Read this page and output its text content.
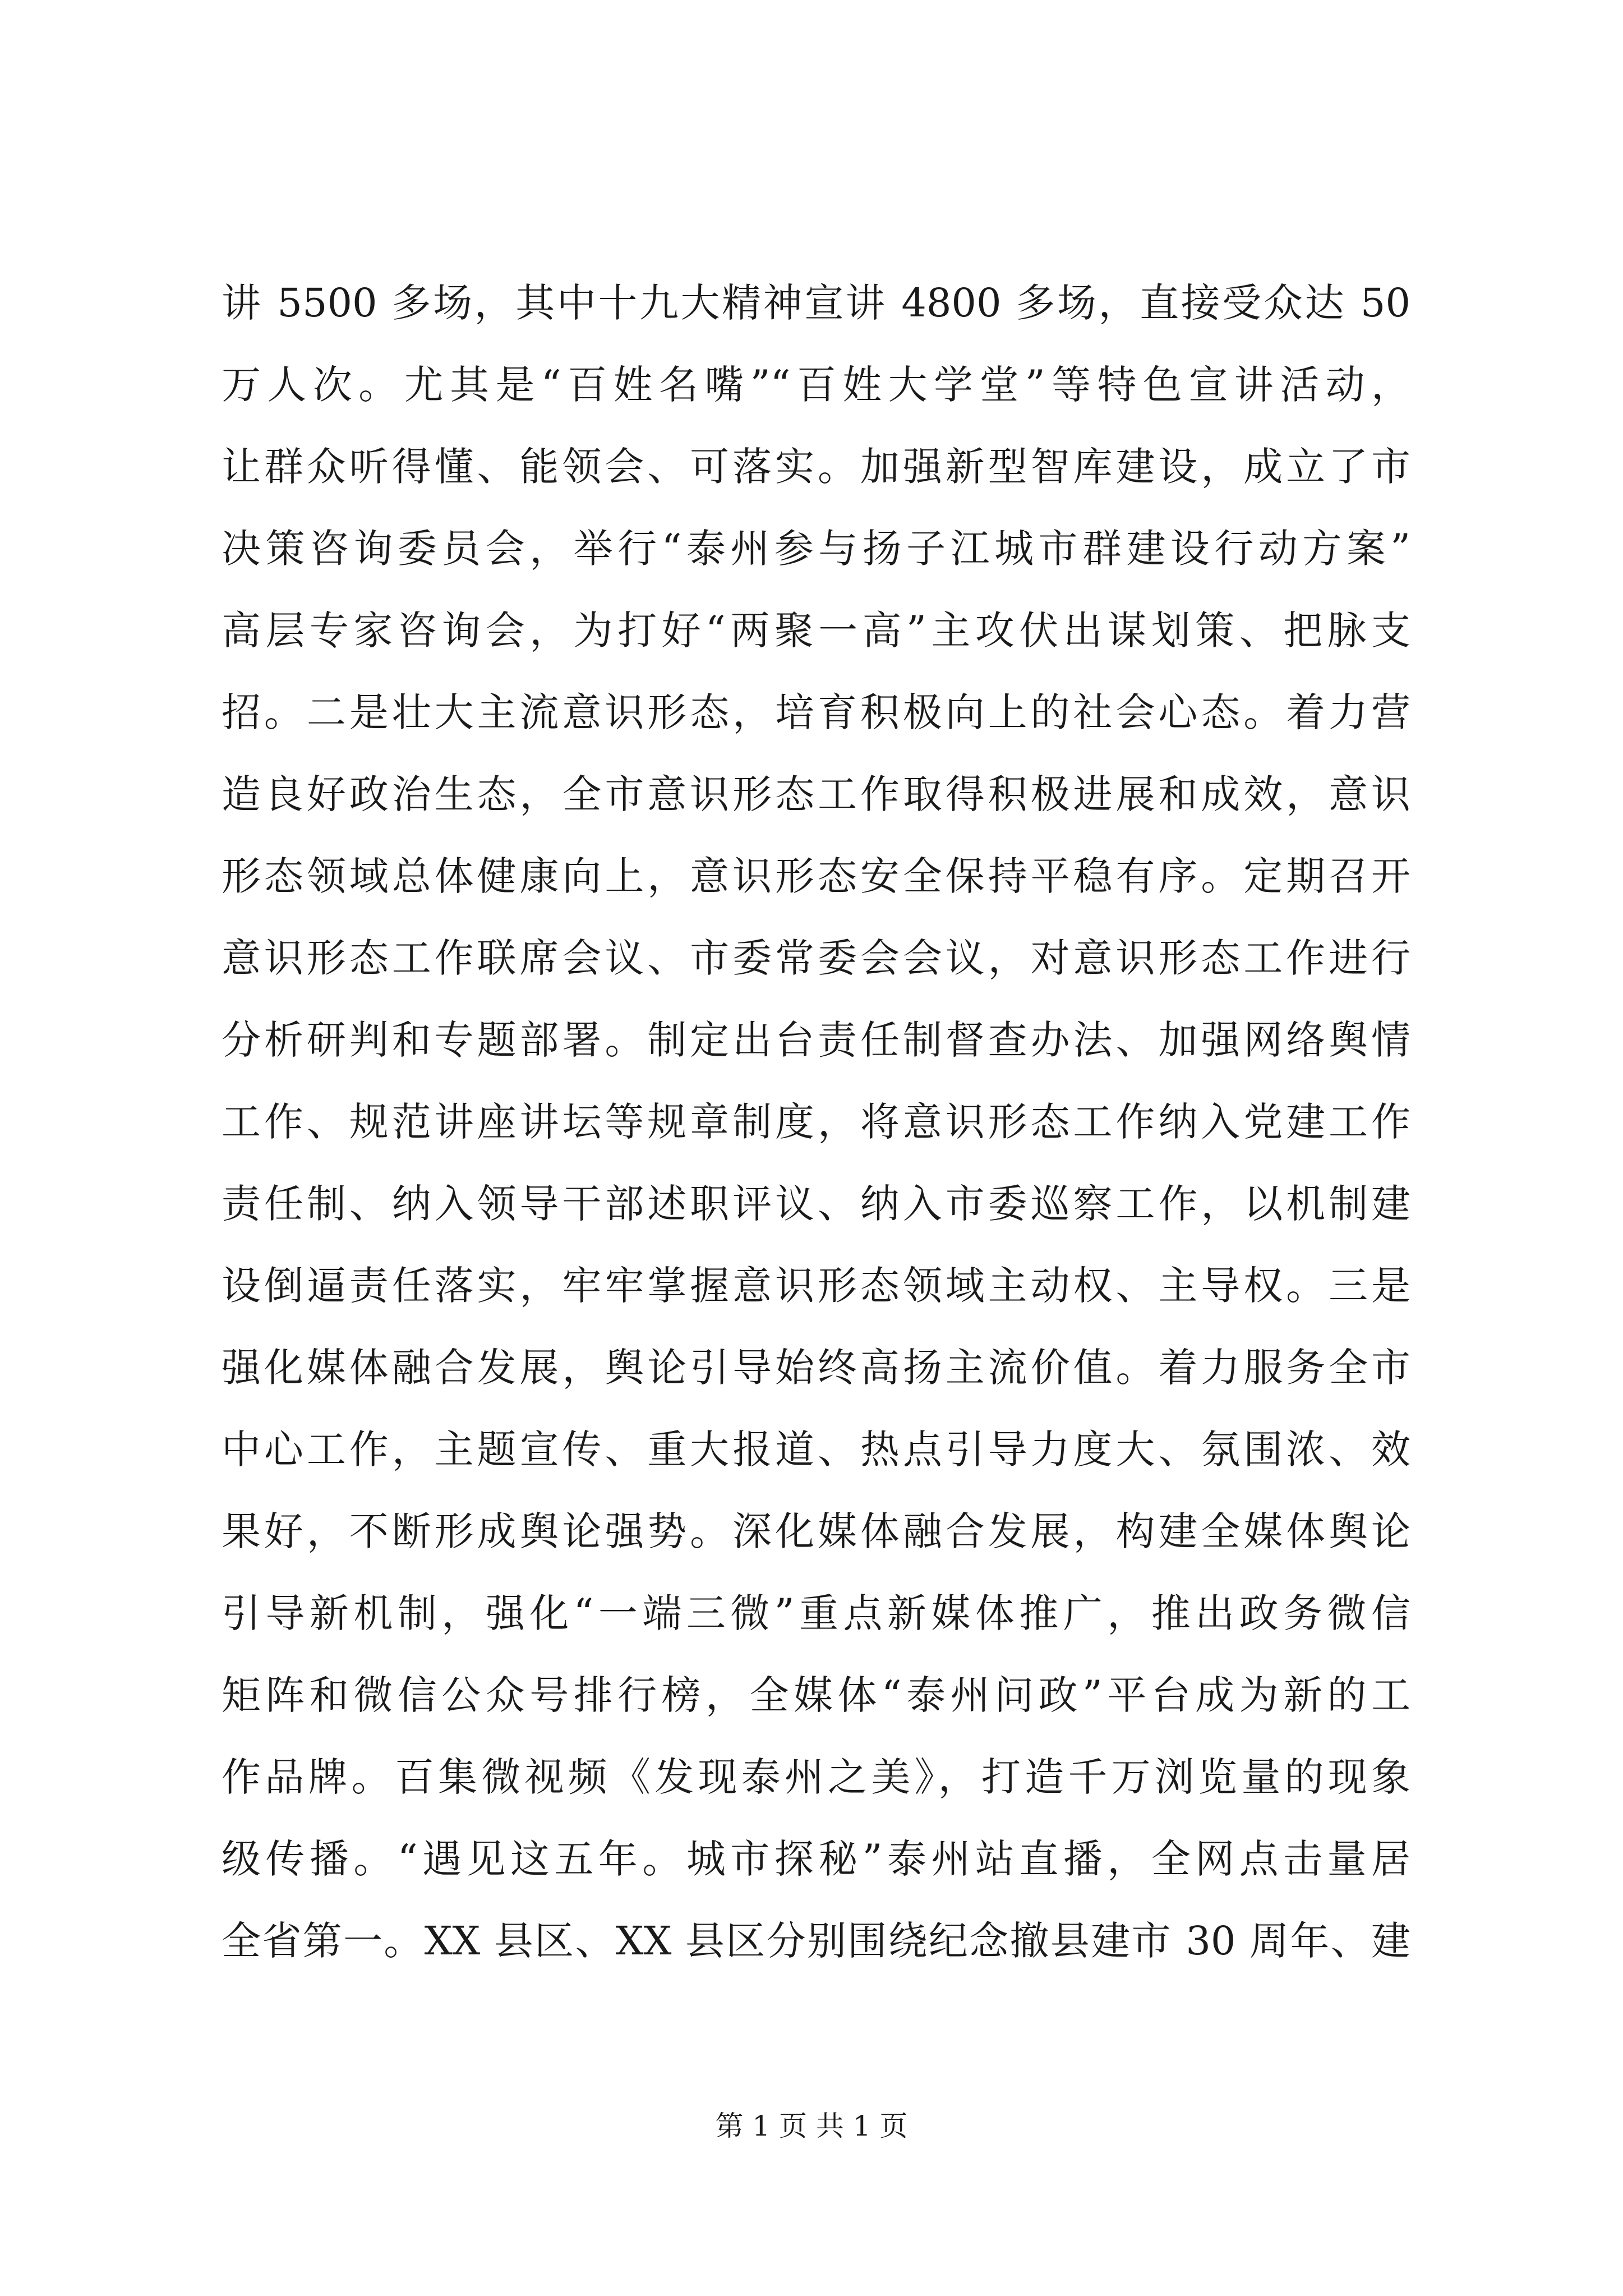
讲 5500 多场，其中十九大精神宣讲 4800 多场，直接受众达 50
万人次。尤其是“百姓名嘴”“百姓大学堂”等特色宣讲活动，
让群众听得懂、能领会、可落实。加强新型智库建设，成立了市
决策咨询委员会，举行“泰州参与扬子江城市群建设行动方案”
高层专家咨询会，为打好“两聚一高”主攻伏出谋划策、把脉支
招。二是壮大主流意识形态，培育积极向上的社会心态。着力营
造良好政治生态，全市意识形态工作取得积极进展和成效，意识
形态领域总体健康向上，意识形态安全保持平稳有序。定期召开
意识形态工作联席会议、市委常委会会议，对意识形态工作进行
分析研判和专题部署。制定出台责任制督查办法、加强网络舆情
工作、规范讲座讲坛等规章制度，将意识形态工作纳入党建工作
责任制、纳入领导干部述职评议、纳入市委巡察工作，以机制建
设倒逼责任落实，牢牢掌握意识形态领域主动权、主导权。三是
强化媒体融合发展，舆论引导始终高扬主流价值。着力服务全市
中心工作，主题宣传、重大报道、热点引导力度大、氛围浓、效
果好，不断形成舆论强势。深化媒体融合发展，构建全媒体舆论
引导新机制，强化“一端三微”重点新媒体推广，推出政务微信
矩阵和微信公众号排行榜，全媒体“泰州问政”平台成为新的工
作品牌。百集微视频《发现泰州之美》，打造千万浏览量的现象
级传播。“遇见这五年。城市探秘”泰州站直播，全网点击量居
全省第一。XX 县区、XX 县区分别围绕纪念撤县建市 30 周年、建
第 1 页 共 1 页
